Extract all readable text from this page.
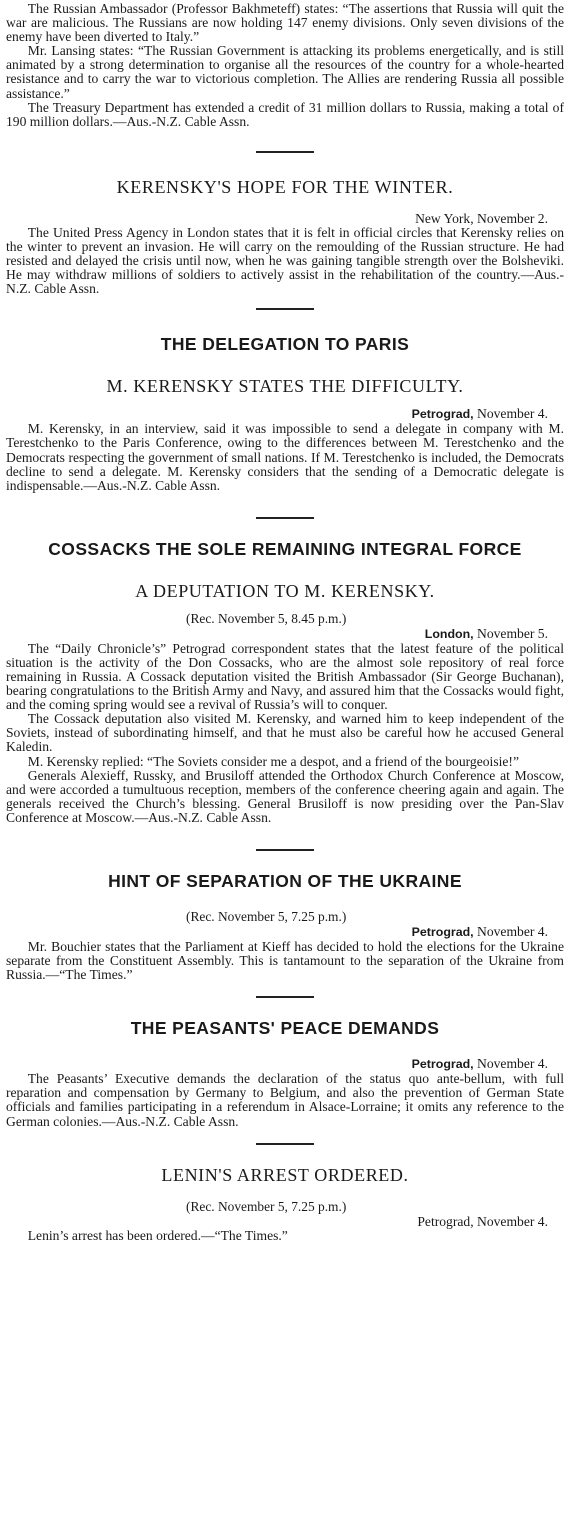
The Russian Ambassador (Professor Bakhmeteff) states: “The assertions that Russia will quit the war are malicious. The Russians are now holding 147 enemy divisions. Only seven divisions of the enemy have been diverted to Italy.”

Mr. Lansing states: “The Russian Government is attacking its problems energetically, and is still animated by a strong determination to organise all the resources of the country for a whole-hearted resistance and to carry the war to victorious completion. The Allies are rendering Russia all possible assistance.”

The Treasury Department has extended a credit of 31 million dollars to Russia, making a total of 190 million dollars.—Aus.-N.Z. Cable Assn.

KERENSKY'S HOPE FOR THE WINTER.

New York, November 2.

The United Press Agency in London states that it is felt in official circles that Kerensky relies on the winter to prevent an invasion. He will carry on the remoulding of the Russian structure. He had resisted and delayed the crisis until now, when he was gaining tangible strength over the Bolsheviki. He may withdraw millions of soldiers to actively assist in the rehabilitation of the country.—Aus.-N.Z. Cable Assn.

THE DELEGATION TO PARIS
M. KERENSKY STATES THE DIFFICULTY.

Petrograd, November 4.

M. Kerensky, in an interview, said it was impossible to send a delegate in company with M. Terestchenko to the Paris Conference, owing to the differences between M. Terestchenko and the Democrats respecting the government of small nations. If M. Terestchenko is included, the Democrats decline to send a delegate. M. Kerensky considers that the sending of a Democratic delegate is indispensable.—Aus.-N.Z. Cable Assn.

COSSACKS THE SOLE REMAINING INTEGRAL FORCE
A DEPUTATION TO M. KERENSKY.

(Rec. November 5, 8.45 p.m.)

London, November 5.

The “Daily Chronicle’s” Petrograd correspondent states that the latest feature of the political situation is the activity of the Don Cossacks, who are the almost sole repository of real force remaining in Russia. A Cossack deputation visited the British Ambassador (Sir George Buchanan), bearing congratulations to the British Army and Navy, and assured him that the Cossacks would fight, and the coming spring would see a revival of Russia’s will to conquer.

The Cossack deputation also visited M. Kerensky, and warned him to keep independent of the Soviets, instead of subordinating himself, and that he must also be careful how he accused General Kaledin.

M. Kerensky replied: “The Soviets consider me a despot, and a friend of the bourgeoisie!”

Generals Alexieff, Russky, and Brusiloff attended the Orthodox Church Conference at Moscow, and were accorded a tumultuous reception, members of the conference cheering again and again. The generals received the Church’s blessing. General Brusiloff is now presiding over the Pan-Slav Conference at Moscow.—Aus.-N.Z. Cable Assn.

HINT OF SEPARATION OF THE UKRAINE

(Rec. November 5, 7.25 p.m.)

Petrograd, November 4.

Mr. Bouchier states that the Parliament at Kieff has decided to hold the elections for the Ukraine separate from the Constituent Assembly. This is tantamount to the separation of the Ukraine from Russia.—“The Times.”

THE PEASANTS' PEACE DEMANDS

Petrograd, November 4.

The Peasants’ Executive demands the declaration of the status quo ante-bellum, with full reparation and compensation by Germany to Belgium, and also the prevention of German State officials and families participating in a referendum in Alsace-Lorraine; it omits any reference to the German colonies.—Aus.-N.Z. Cable Assn.

LENIN'S ARREST ORDERED.

(Rec. November 5, 7.25 p.m.)

Petrograd, November 4.

Lenin’s arrest has been ordered.—“The Times.”
